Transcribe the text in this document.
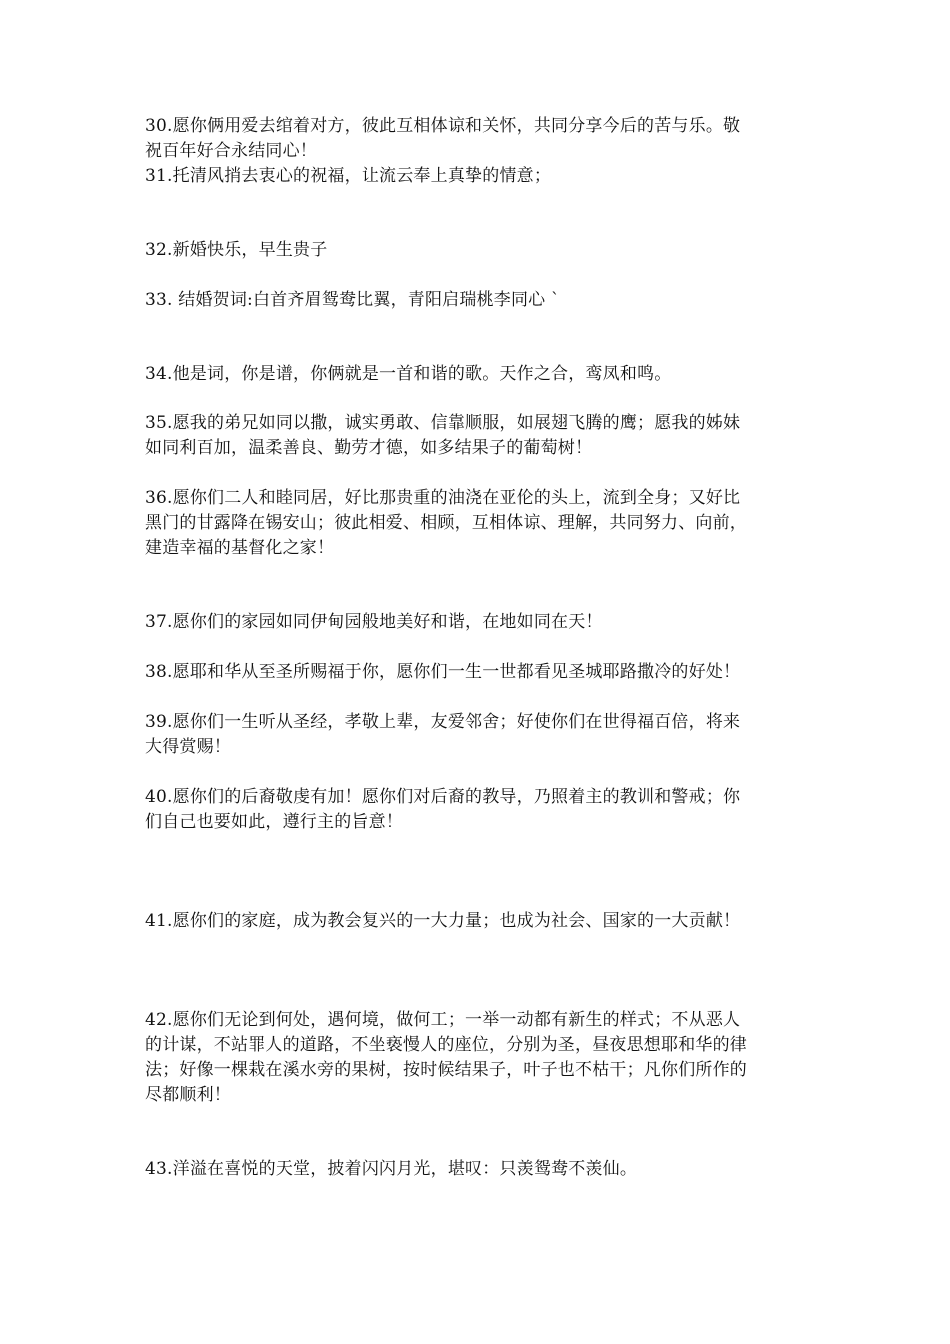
30.愿你俩用爱去绾着对方，彼此互相体谅和关怀，共同分享今后的苦与乐。敬
祝百年好合永结同心！

31.托清风捎去衷心的祝福，让流云奉上真挚的情意；

32.新婚快乐，早生贵子

33. 结婚贺词:白首齐眉鸳鸯比翼，青阳启瑞桃李同心 `

34.他是词，你是谱，你俩就是一首和谐的歌。天作之合，鸾凤和鸣。

35.愿我的弟兄如同以撒，诚实勇敢、信靠顺服，如展翅飞腾的鹰；愿我的姊妹
如同利百加，温柔善良、勤劳才德，如多结果子的葡萄树！

36.愿你们二人和睦同居，好比那贵重的油浇在亚伦的头上，流到全身；又好比
黑门的甘露降在锡安山；彼此相爱、相顾，互相体谅、理解，共同努力、向前，
建造幸福的基督化之家！

37.愿你们的家园如同伊甸园般地美好和谐，在地如同在天！

38.愿耶和华从至圣所赐福于你，愿你们一生一世都看见圣城耶路撒冷的好处！

39.愿你们一生听从圣经，孝敬上辈，友爱邻舍；好使你们在世得福百倍，将来
大得赏赐！

40.愿你们的后裔敬虔有加！愿你们对后裔的教导，乃照着主的教训和警戒；你
们自己也要如此，遵行主的旨意！

41.愿你们的家庭，成为教会复兴的一大力量；也成为社会、国家的一大贡献！

42.愿你们无论到何处，遇何境，做何工；一举一动都有新生的样式；不从恶人
的计谋，不站罪人的道路，不坐亵慢人的座位，分别为圣，昼夜思想耶和华的律
法；好像一棵栽在溪水旁的果树，按时候结果子，叶子也不枯干；凡你们所作的
尽都顺利！

43.洋溢在喜悦的天堂，披着闪闪月光，堪叹：只羡鸳鸯不羡仙。
